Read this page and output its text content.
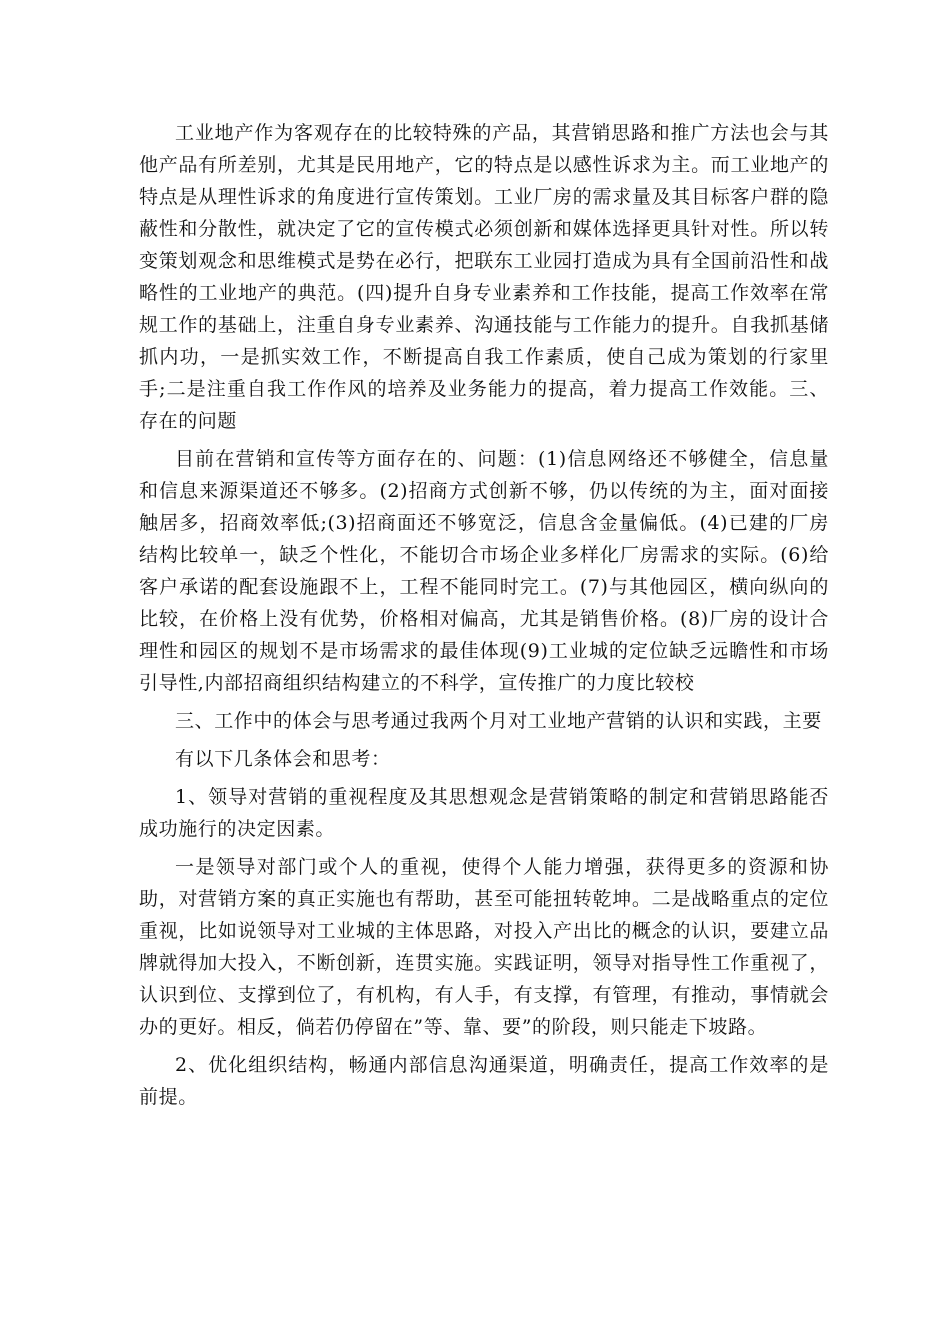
工业地产作为客观存在的比较特殊的产品，其营销思路和推广方法也会与其他产品有所差别，尤其是民用地产，它的特点是以感性诉求为主。而工业地产的特点是从理性诉求的角度进行宣传策划。工业厂房的需求量及其目标客户群的隐蔽性和分散性，就决定了它的宣传模式必须创新和媒体选择更具针对性。所以转变策划观念和思维模式是势在必行，把联东工业园打造成为具有全国前沿性和战略性的工业地产的典范。(四)提升自身专业素养和工作技能，提高工作效率在常规工作的基础上，注重自身专业素养、沟通技能与工作能力的提升。自我抓基储抓内功，一是抓实效工作，不断提高自我工作素质，使自己成为策划的行家里手;二是注重自我工作作风的培养及业务能力的提高，着力提高工作效能。三、存在的问题

目前在营销和宣传等方面存在的、问题：(1)信息网络还不够健全，信息量和信息来源渠道还不够多。(2)招商方式创新不够，仍以传统的为主，面对面接触居多，招商效率低;(3)招商面还不够宽泛，信息含金量偏低。(4)已建的厂房结构比较单一，缺乏个性化，不能切合市场企业多样化厂房需求的实际。(6)给客户承诺的配套设施跟不上，工程不能同时完工。(7)与其他园区，横向纵向的比较，在价格上没有优势，价格相对偏高，尤其是销售价格。(8)厂房的设计合理性和园区的规划不是市场需求的最佳体现(9)工业城的定位缺乏远瞻性和市场引导性,内部招商组织结构建立的不科学，宣传推广的力度比较校

三、工作中的体会与思考通过我两个月对工业地产营销的认识和实践，主要

有以下几条体会和思考：

1、领导对营销的重视程度及其思想观念是营销策略的制定和营销思路能否成功施行的决定因素。

一是领导对部门或个人的重视，使得个人能力增强，获得更多的资源和协助，对营销方案的真正实施也有帮助，甚至可能扭转乾坤。二是战略重点的定位重视，比如说领导对工业城的主体思路，对投入产出比的概念的认识，要建立品牌就得加大投入，不断创新，连贯实施。实践证明，领导对指导性工作重视了，认识到位、支撑到位了，有机构，有人手，有支撑，有管理，有推动，事情就会办的更好。相反，倘若仍停留在”等、靠、要”的阶段，则只能走下坡路。

2、优化组织结构，畅通内部信息沟通渠道，明确责任，提高工作效率的是前提。
